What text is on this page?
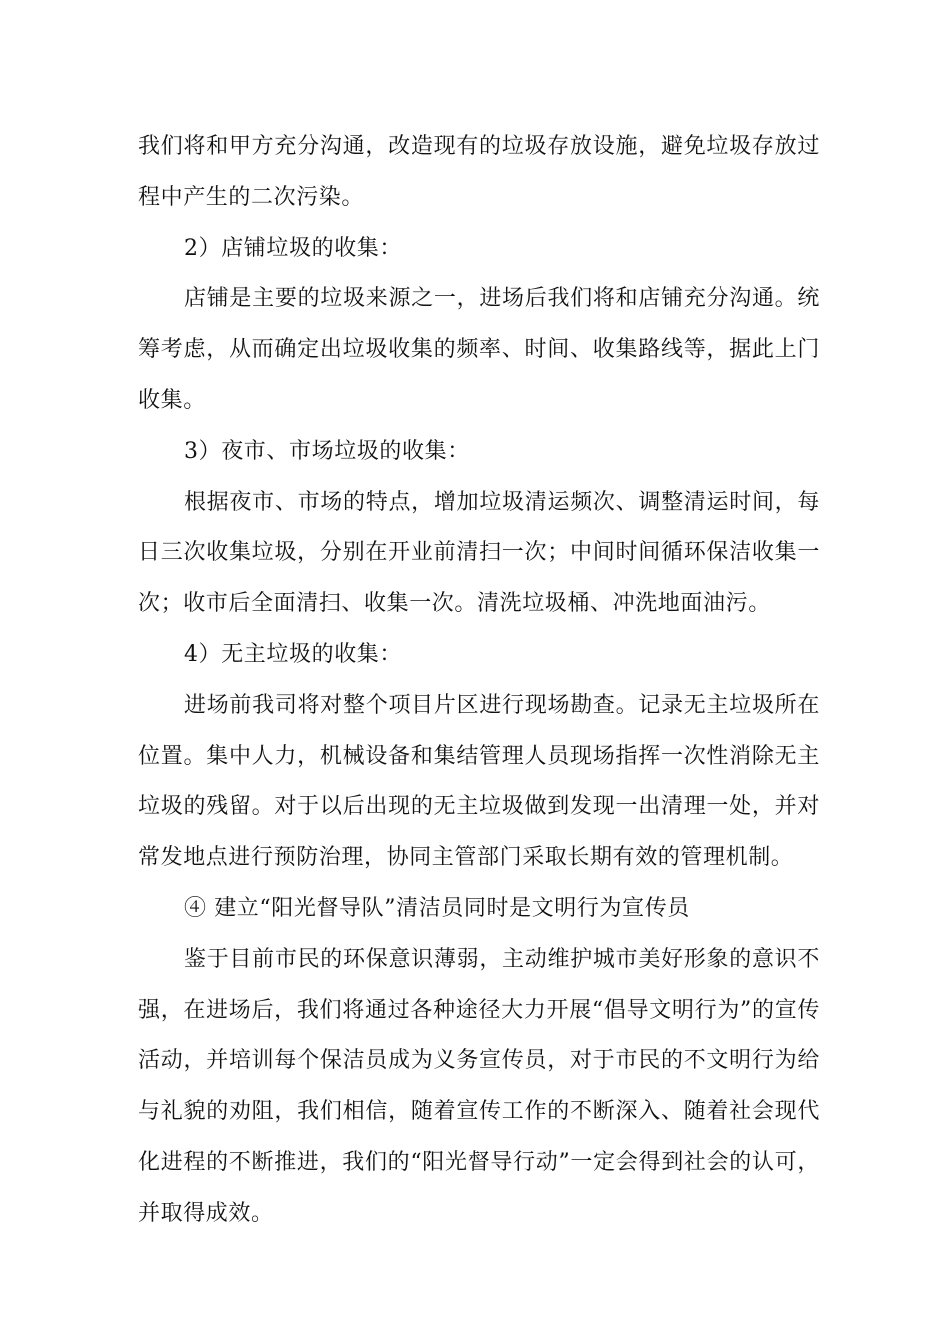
我们将和甲方充分沟通，改造现有的垃圾存放设施，避免垃圾存放过程中产生的二次污染。

2）店铺垃圾的收集：

店铺是主要的垃圾来源之一，进场后我们将和店铺充分沟通。统筹考虑，从而确定出垃圾收集的频率、时间、收集路线等，据此上门收集。

3）夜市、市场垃圾的收集：

根据夜市、市场的特点，增加垃圾清运频次、调整清运时间，每日三次收集垃圾，分别在开业前清扫一次；中间时间循环保洁收集一次；收市后全面清扫、收集一次。清洗垃圾桶、冲洗地面油污。

4）无主垃圾的收集：

进场前我司将对整个项目片区进行现场勘查。记录无主垃圾所在位置。集中人力，机械设备和集结管理人员现场指挥一次性消除无主垃圾的残留。对于以后出现的无主垃圾做到发现一出清理一处，并对常发地点进行预防治理，协同主管部门采取长期有效的管理机制。

④ 建立“阳光督导队”清洁员同时是文明行为宣传员

鉴于目前市民的环保意识薄弱，主动维护城市美好形象的意识不强，在进场后，我们将通过各种途径大力开展“倡导文明行为”的宣传活动，并培训每个保洁员成为义务宣传员，对于市民的不文明行为给与礼貌的劝阻，我们相信，随着宣传工作的不断深入、随着社会现代化进程的不断推进，我们的“阳光督导行动”一定会得到社会的认可，并取得成效。
